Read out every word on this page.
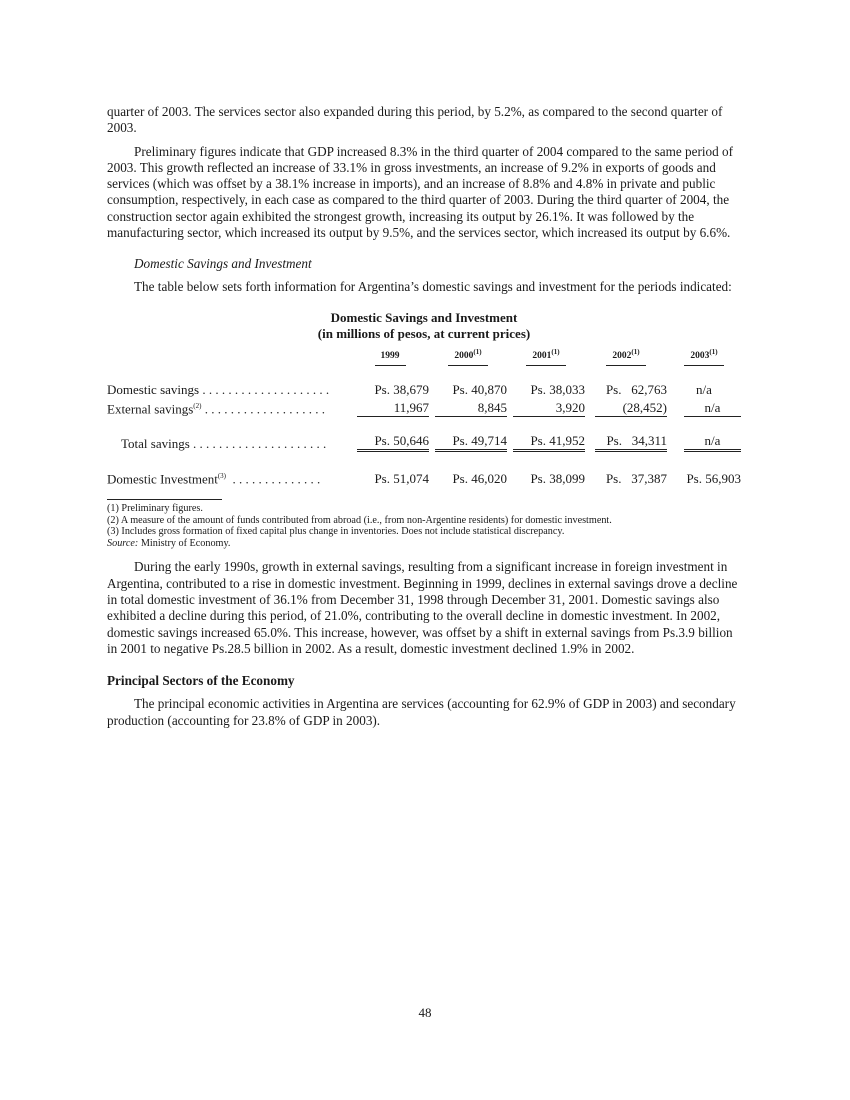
quarter of 2003. The services sector also expanded during this period, by 5.2%, as compared to the second quarter of 2003.

Preliminary figures indicate that GDP increased 8.3% in the third quarter of 2004 compared to the same period of 2003. This growth reflected an increase of 33.1% in gross investments, an increase of 9.2% in exports of goods and services (which was offset by a 38.1% increase in imports), and an increase of 8.8% and 4.8% in private and public consumption, respectively, in each case as compared to the third quarter of 2003. During the third quarter of 2004, the construction sector again exhibited the strongest growth, increasing its output by 26.1%. It was followed by the manufacturing sector, which increased its output by 9.5%, and the services sector, which increased its output by 6.6%.

Domestic Savings and Investment

The table below sets forth information for Argentina’s domestic savings and investment for the periods indicated:

Domestic Savings and Investment
(in millions of pesos, at current prices)
	1999	2000$^{(1)}$	2001$^{(1)}$	2002$^{(1)}$	2003$^{(1)}$

Domestic savings . . . . . . . . . . . . . . . . . . . .	Ps. 38,679	Ps. 40,870	Ps. 38,033	Ps.   62,763	n/a
External savings$^{(2)}$ . . . . . . . . . . . . . . . . . . .	11,967	8,845	3,920	(28,452)	n/a

Total savings . . . . . . . . . . . . . . . . . . . . .	Ps. 50,646	Ps. 49,714	Ps. 41,952	Ps.   34,311	n/a

Domestic Investment$^{(3)}$  . . . . . . . . . . . . . .	Ps. 51,074	Ps. 46,020	Ps. 38,099	Ps.   37,387	Ps. 56,903

(1) Preliminary figures.

(2) A measure of the amount of funds contributed from abroad (i.e., from non-Argentine residents) for domestic investment.

(3) Includes gross formation of fixed capital plus change in inventories. Does not include statistical discrepancy.

Source: Ministry of Economy.

During the early 1990s, growth in external savings, resulting from a significant increase in foreign investment in Argentina, contributed to a rise in domestic investment. Beginning in 1999, declines in external savings drove a decline in total domestic investment of 36.1% from December 31, 1998 through December 31, 2001. Domestic savings also exhibited a decline during this period, of 21.0%, contributing to the overall decline in domestic investment. In 2002, domestic savings increased 65.0%. This increase, however, was offset by a shift in external savings from Ps.3.9 billion in 2001 to negative Ps.28.5 billion in 2002. As a result, domestic investment declined 1.9% in 2002.

Principal Sectors of the Economy

The principal economic activities in Argentina are services (accounting for 62.9% of GDP in 2003) and secondary production (accounting for 23.8% of GDP in 2003).

48
